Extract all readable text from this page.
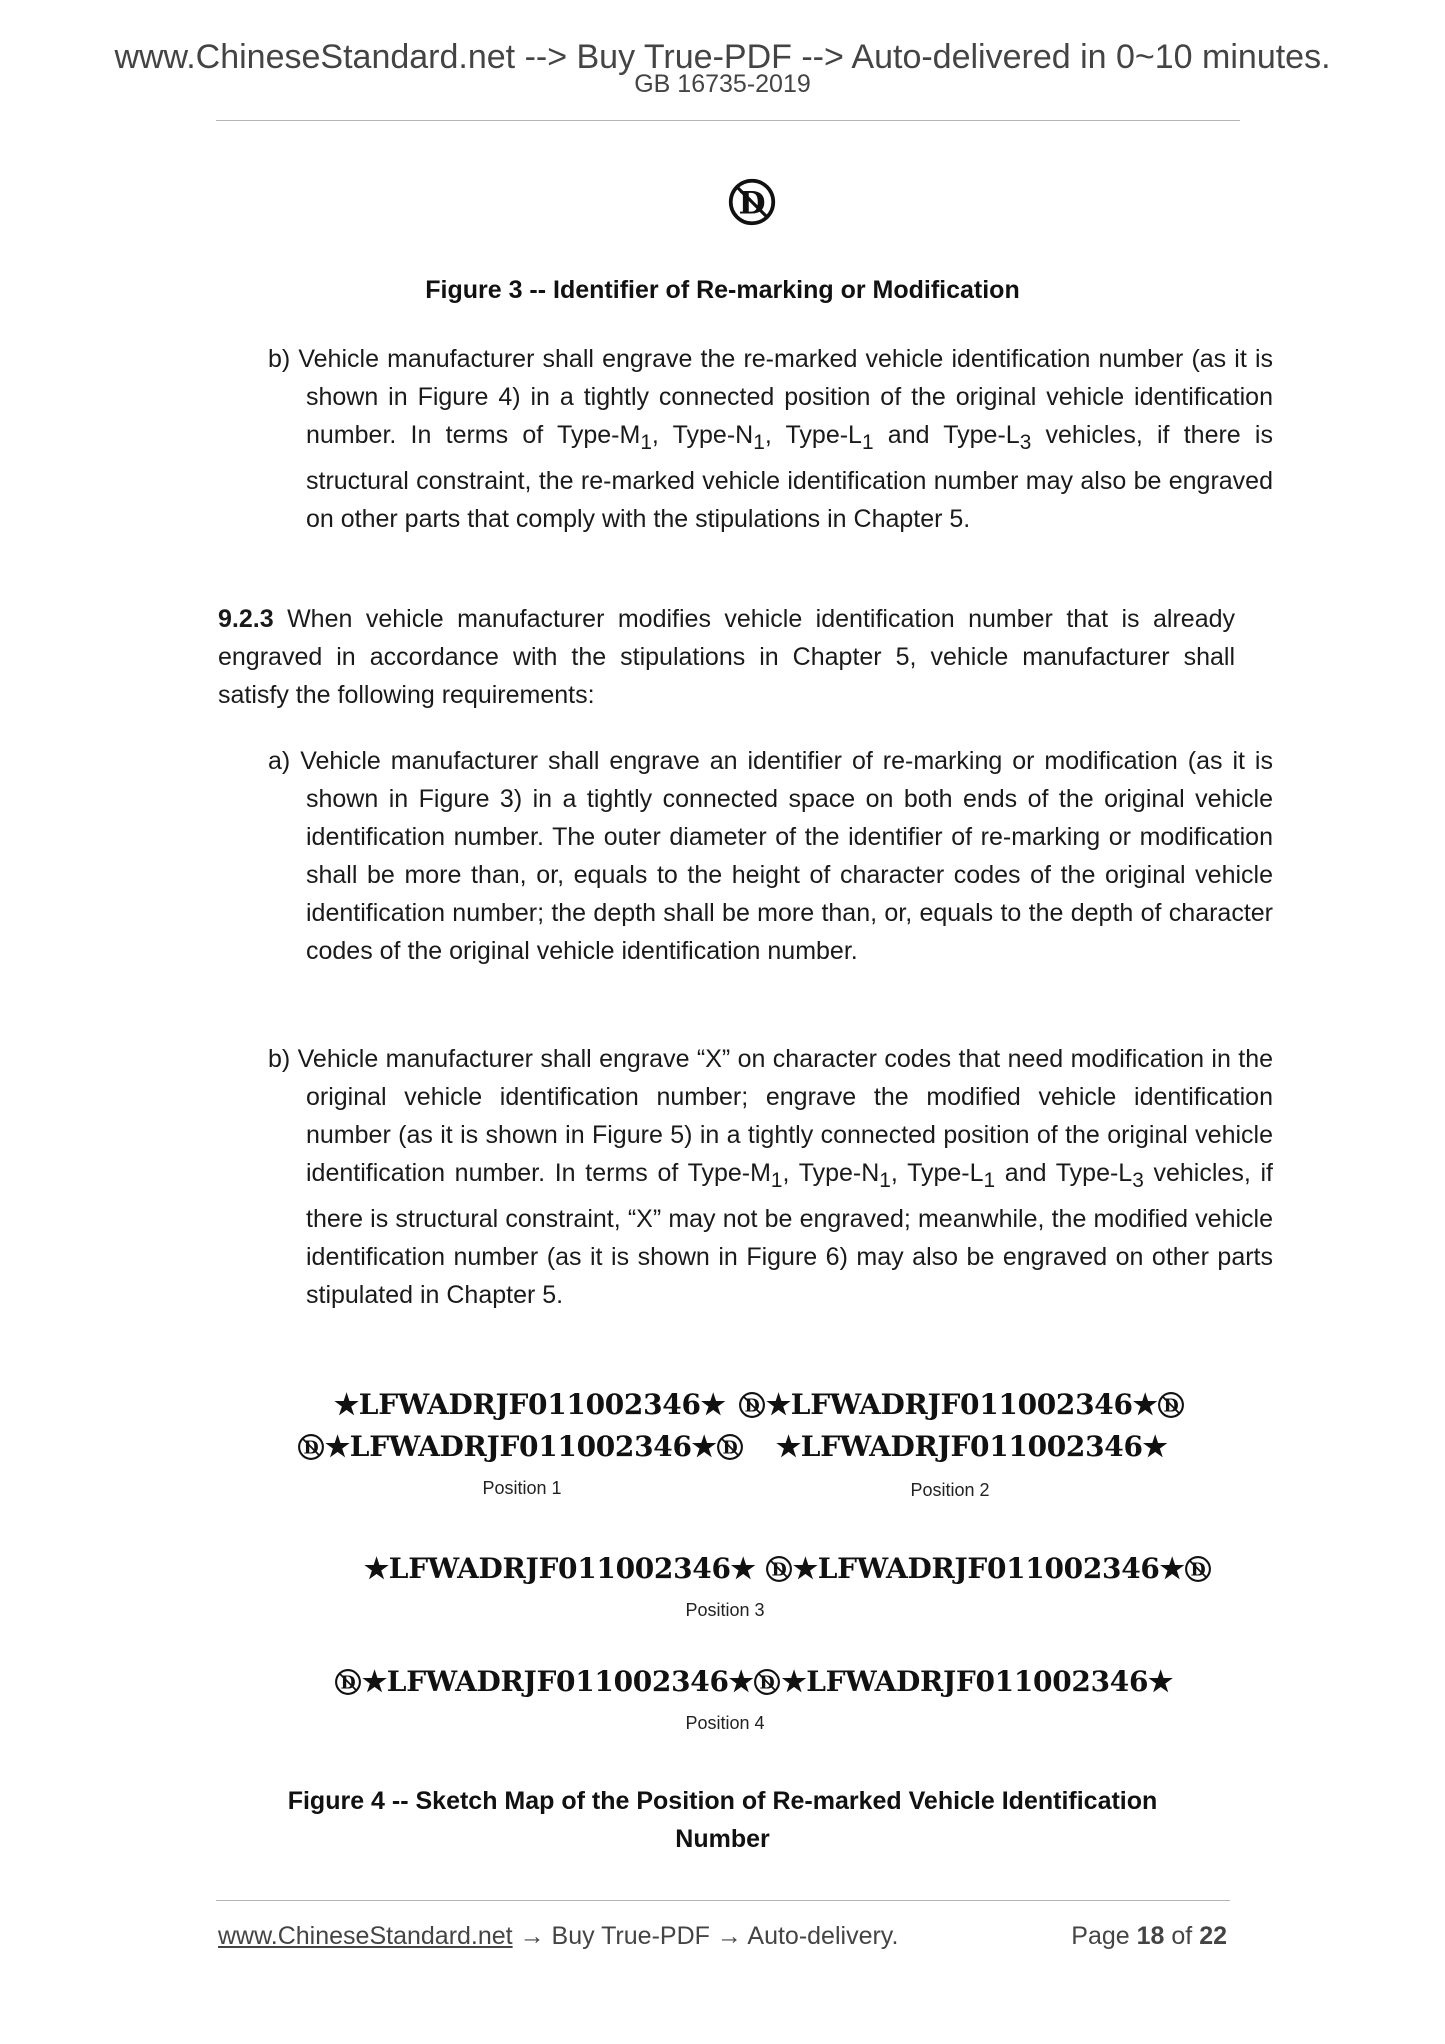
www.ChineseStandard.net --> Buy True-PDF --> Auto-delivered in 0~10 minutes.
GB 16735-2019
Figure 3 -- Identifier of Re-marking or Modification
b) Vehicle manufacturer shall engrave the re-marked vehicle identification number (as it is shown in Figure 4) in a tightly connected position of the original vehicle identification number. In terms of Type-$M_1$, Type-$N_1$, Type-$L_1$ and Type-$L_3$ vehicles, if there is structural constraint, the re-marked vehicle identification number may also be engraved on other parts that comply with the stipulations in Chapter 5.
9.2.3 When vehicle manufacturer modifies vehicle identification number that is already engraved in accordance with the stipulations in Chapter 5, vehicle manufacturer shall satisfy the following requirements:
a) Vehicle manufacturer shall engrave an identifier of re-marking or modification (as it is shown in Figure 3) in a tightly connected space on both ends of the original vehicle identification number. The outer diameter of the identifier of re-marking or modification shall be more than, or, equals to the height of character codes of the original vehicle identification number; the depth shall be more than, or, equals to the depth of character codes of the original vehicle identification number.
b) Vehicle manufacturer shall engrave “X” on character codes that need modification in the original vehicle identification number; engrave the modified vehicle identification number (as it is shown in Figure 5) in a tightly connected position of the original vehicle identification number. In terms of Type-$M_1$, Type-$N_1$, Type-$L_1$ and Type-$L_3$ vehicles, if there is structural constraint, “X” may not be engraved; meanwhile, the modified vehicle identification number (as it is shown in Figure 6) may also be engraved on other parts stipulated in Chapter 5.
★LFWADRJF011002346★
★LFWADRJF011002346★
Position 1
★LFWADRJF011002346★
★LFWADRJF011002346★
Position 2
★LFWADRJF011002346★ ★LFWADRJF011002346★
Position 3
★LFWADRJF011002346★ ★LFWADRJF011002346★
Position 4
Figure 4 -- Sketch Map of the Position of Re-marked Vehicle Identification
Number
www.ChineseStandard.net → Buy True-PDF → Auto-delivery.	Page 18 of 22
